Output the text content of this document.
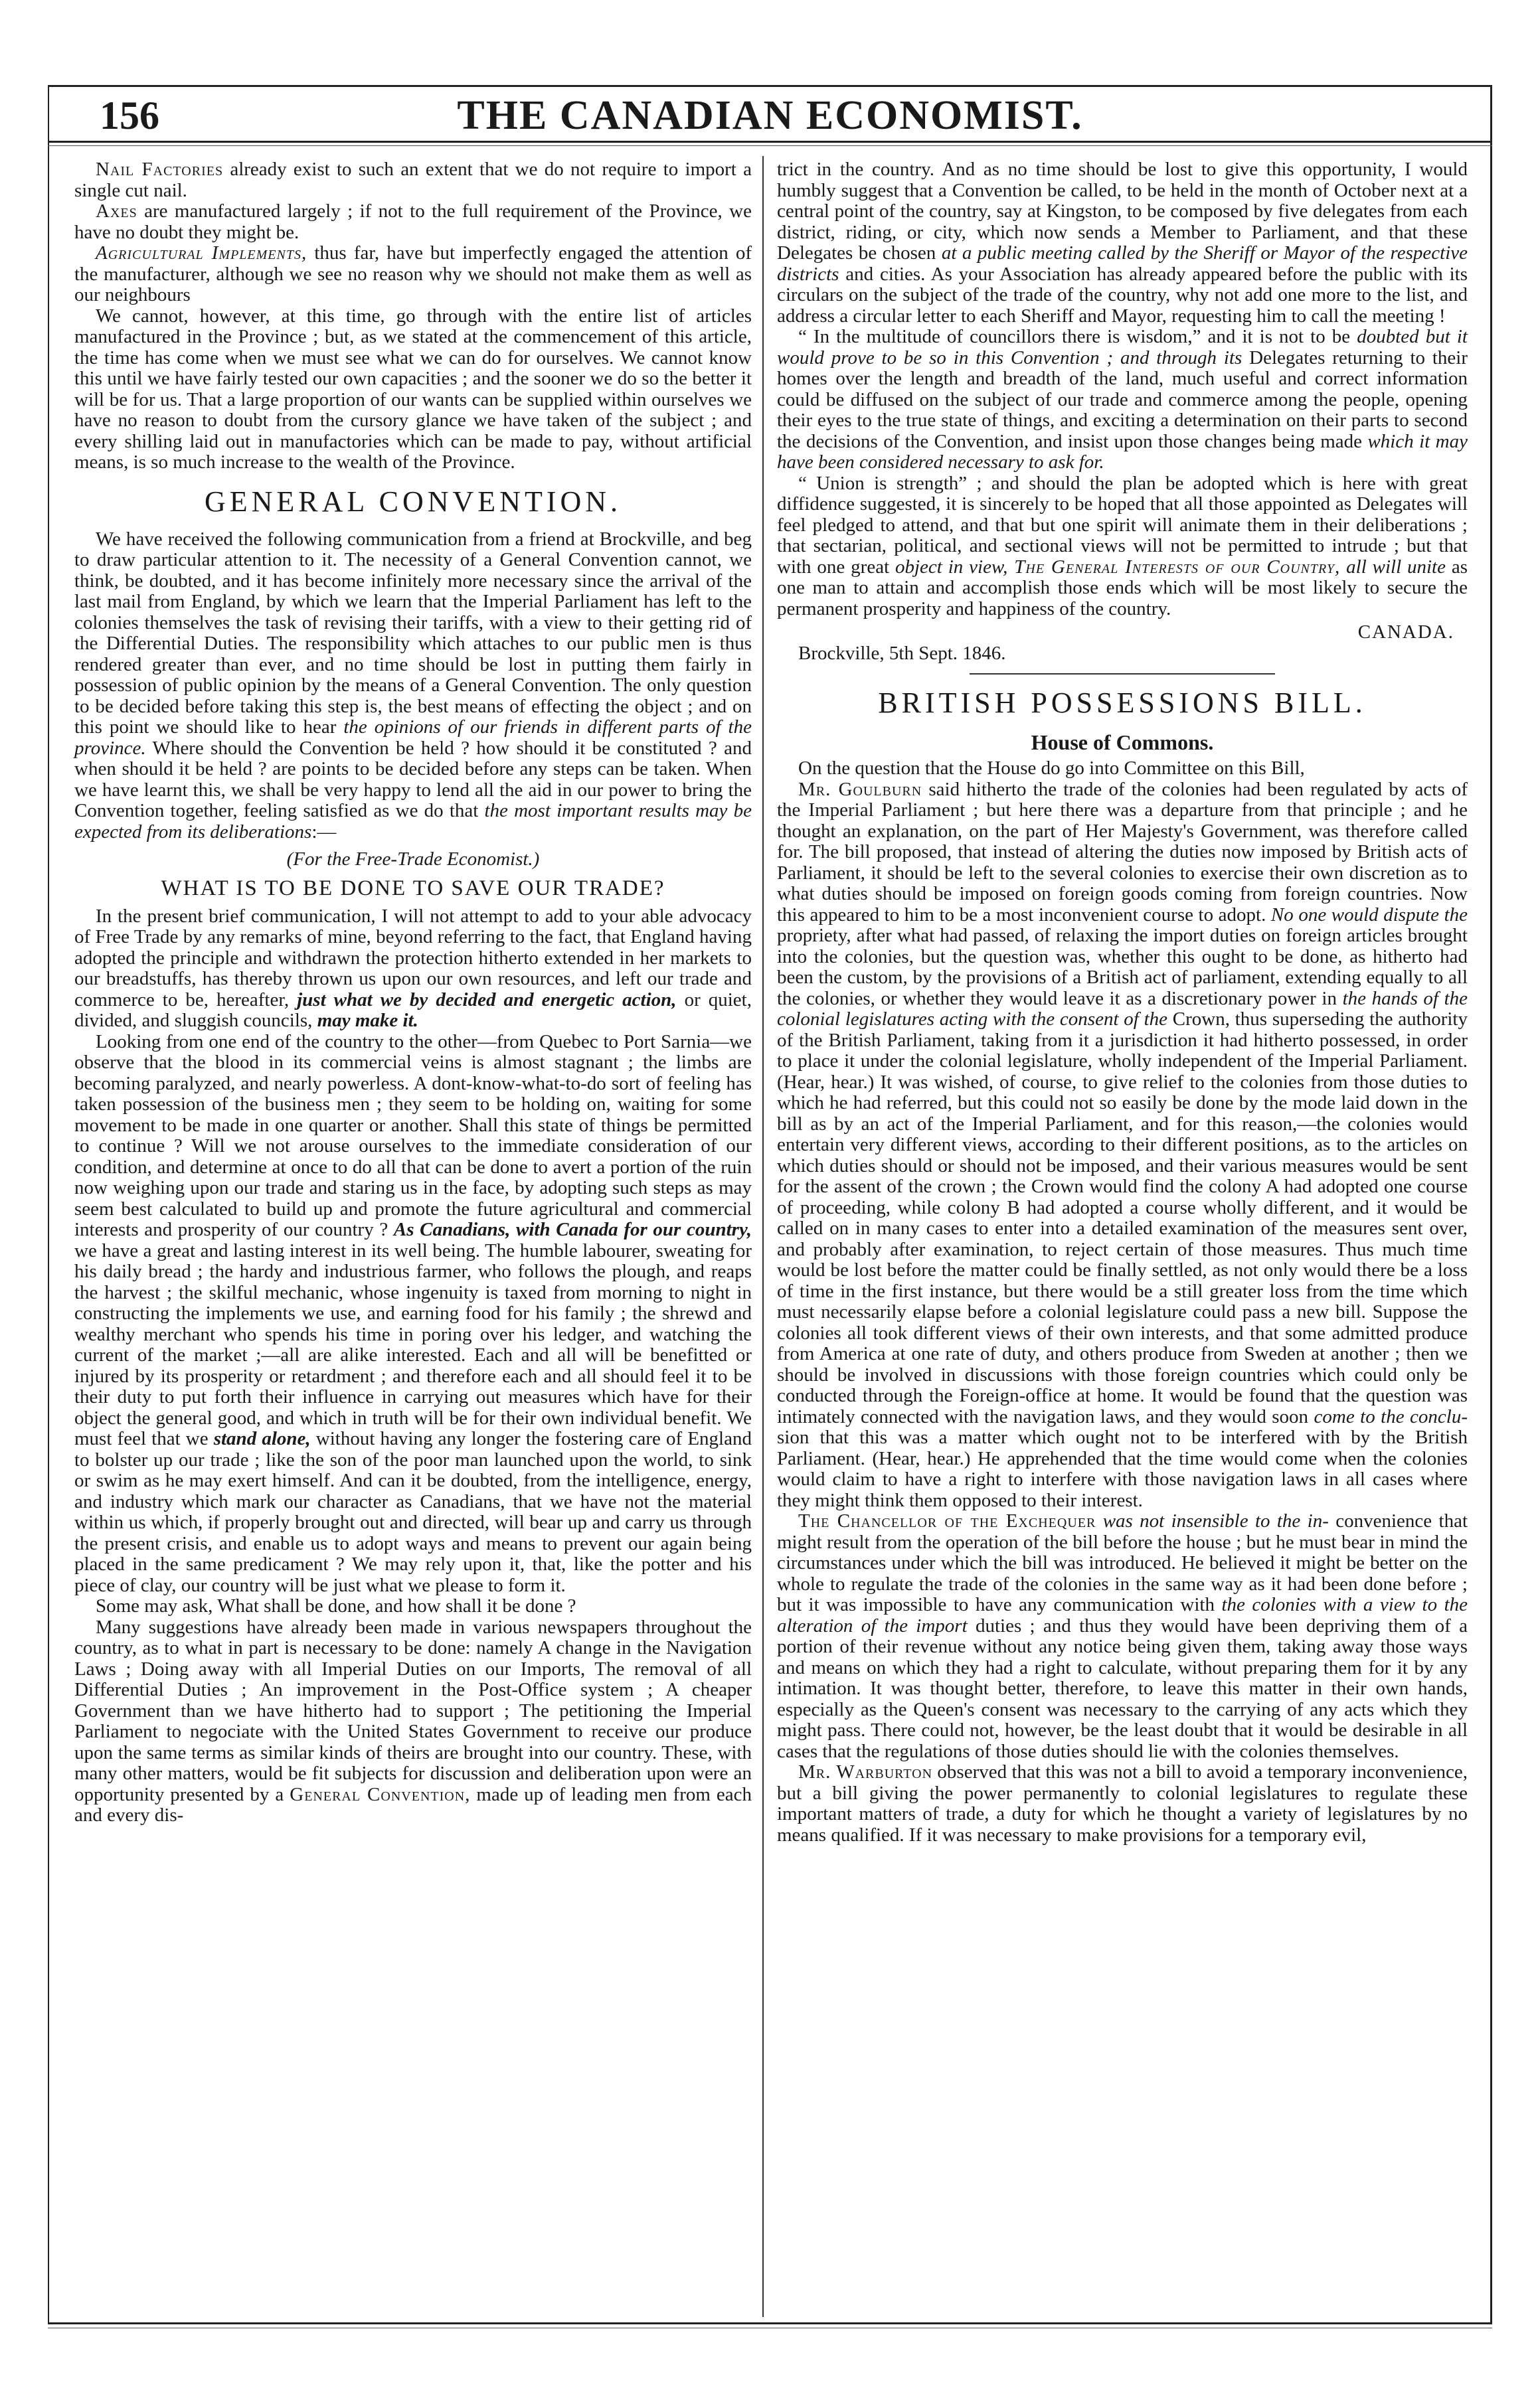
156	THE CANADIAN ECONOMIST.

Nail Factories already exist to such an extent that we do not require to import a single cut nail.

Axes are manufactured largely ; if not to the full requirement of the Province, we have no doubt they might be.

Agricultural Implements, thus far, have but imperfectly engaged the attention of the manufacturer, although we see no reason why we should not make them as well as our neighbours

We cannot, however, at this time, go through with the entire list of articles manufactured in the Province ; but, as we stated at the commencement of this article, the time has come when we must see what we can do for ourselves. We cannot know this until we have fairly tested our own capacities ; and the sooner we do so the better it will be for us. That a large proportion of our wants can be supplied within ourselves we have no reason to doubt from the cursory glance we have taken of the subject ; and every shilling laid out in manufactories which can be made to pay, without artificial means, is so much increase to the wealth of the Province.

GENERAL CONVENTION.

We have received the following communication from a friend at Brockville, and beg to draw particular attention to it. The necessity of a General Convention cannot, we think, be doubted, and it has become infinitely more necessary since the arrival of the last mail from England, by which we learn that the Imperial Parliament has left to the colonies themselves the task of revising their tariffs, with a view to their getting rid of the Differential Duties. The responsibility which attaches to our public men is thus rendered greater than ever, and no time should be lost in putting them fairly in possession of public opinion by the means of a General Convention. The only question to be decided before taking this step is, the best means of effecting the object ; and on this point we should like to hear the opinions of our friends in different parts of the province. Where should the Convention be held ? how should it be constituted ? and when should it be held ? are points to be decided before any steps can be taken. When we have learnt this, we shall be very happy to lend all the aid in our power to bring the Convention together, feeling satisfied as we do that the most important results may be expected from its deliberations:—

(For the Free-Trade Economist.)
WHAT IS TO BE DONE TO SAVE OUR TRADE?

In the present brief communication, I will not attempt to add to your able advocacy of Free Trade by any remarks of mine, beyond referring to the fact, that England having adopted the principle and withdrawn the protection hitherto extended in her markets to our breadstuffs, has thereby thrown us upon our own resources, and left our trade and commerce to be, hereafter, just what we by decided and energetic action, or quiet, divided, and sluggish councils, may make it.

Looking from one end of the country to the other—from Quebec to Port Sarnia—we observe that the blood in its commercial veins is almost stagnant ; the limbs are becoming paralyzed, and nearly powerless. A dont-know-what-to-do sort of feeling has taken possession of the business men ; they seem to be holding on, waiting for some movement to be made in one quarter or another. Shall this state of things be permitted to continue ? Will we not arouse ourselves to the immediate consideration of our condition, and determine at once to do all that can be done to avert a portion of the ruin now weighing upon our trade and staring us in the face, by adopting such steps as may seem best calculated to build up and promote the future agricultural and commercial interests and prosperity of our country ? As Canadians, with Canada for our country, we have a great and lasting interest in its well being. The humble labourer, sweating for his daily bread ; the hardy and industrious farmer, who follows the plough, and reaps the harvest ; the skilful mechanic, whose ingenuity is taxed from morning to night in constructing the implements we use, and earning food for his family ; the shrewd and wealthy merchant who spends his time in poring over his ledger, and watching the current of the market ;—all are alike interested. Each and all will be benefitted or injured by its prosperity or retardment ; and therefore each and all should feel it to be their duty to put forth their influence in carrying out measures which have for their object the general good, and which in truth will be for their own individual benefit. We must feel that we stand alone, without having any longer the fostering care of England to bolster up our trade ; like the son of the poor man launched upon the world, to sink or swim as he may exert himself. And can it be doubted, from the intelligence, energy, and industry which mark our character as Canadians, that we have not the material within us which, if properly brought out and directed, will bear up and carry us through the present crisis, and enable us to adopt ways and means to prevent our again being placed in the same predicament ? We may rely upon it, that, like the potter and his piece of clay, our country will be just what we please to form it.

Some may ask, What shall be done, and how shall it be done ?

Many suggestions have already been made in various newspapers throughout the country, as to what in part is necessary to be done: namely A change in the Navigation Laws ; Doing away with all Imperial Duties on our Imports, The removal of all Differential Duties ; An improvement in the Post-Office system ; A cheaper Government than we have hitherto had to support ; The petitioning the Imperial Parliament to negociate with the United States Government to receive our produce upon the same terms as similar kinds of theirs are brought into our country. These, with many other matters, would be fit subjects for discussion and deliberation upon were an opportunity presented by a General Convention, made up of leading men from each and every dis-

trict in the country. And as no time should be lost to give this opportunity, I would humbly suggest that a Convention be called, to be held in the month of October next at a central point of the country, say at Kingston, to be composed by five delegates from each district, riding, or city, which now sends a Member to Parliament, and that these Delegates be chosen at a public meeting called by the Sheriff or Mayor of the respective districts and cities. As your Association has already appeared before the public with its circulars on the subject of the trade of the country, why not add one more to the list, and address a circular letter to each Sheriff and Mayor, requesting him to call the meeting !

“ In the multitude of councillors there is wisdom,” and it is not to be doubted but it would prove to be so in this Convention ; and through its Delegates returning to their homes over the length and breadth of the land, much useful and correct information could be diffused on the subject of our trade and commerce among the people, opening their eyes to the true state of things, and exciting a determination on their parts to second the decisions of the Convention, and insist upon those changes being made which it may have been considered necessary to ask for.

“ Union is strength” ; and should the plan be adopted which is here with great diffidence suggested, it is sincerely to be hoped that all those appointed as Delegates will feel pledged to attend, and that but one spirit will animate them in their deliberations ; that sectarian, political, and sectional views will not be permitted to intrude ; but that with one great object in view, The General Interests of our Country, all will unite as one man to attain and accomplish those ends which will be most likely to secure the permanent prosperity and happiness of the country.

CANADA.

Brockville, 5th Sept. 1846.

BRITISH POSSESSIONS BILL.
House of Commons.

On the question that the House do go into Committee on this Bill,

Mr. Goulburn said hitherto the trade of the colonies had been regulated by acts of the Imperial Parliament ; but here there was a departure from that principle ; and he thought an explanation, on the part of Her Majesty's Government, was therefore called for. The bill proposed, that instead of altering the duties now imposed by British acts of Parliament, it should be left to the several colonies to exercise their own discretion as to what duties should be imposed on foreign goods coming from foreign countries. Now this appeared to him to be a most inconvenient course to adopt. No one would dispute the propriety, after what had passed, of relaxing the import duties on foreign articles brought into the colonies, but the question was, whether this ought to be done, as hitherto had been the custom, by the provisions of a British act of parliament, extending equally to all the colonies, or whether they would leave it as a discretionary power in the hands of the colonial legislatures acting with the consent of the Crown, thus superseding the authority of the British Parliament, taking from it a jurisdiction it had hitherto possessed, in order to place it under the colonial legislature, wholly independent of the Imperial Parliament. (Hear, hear.) It was wished, of course, to give relief to the colonies from those duties to which he had referred, but this could not so easily be done by the mode laid down in the bill as by an act of the Imperial Parliament, and for this reason,—the colonies would entertain very different views, according to their different positions, as to the articles on which duties should or should not be imposed, and their various measures would be sent for the assent of the crown ; the Crown would find the colony A had adopted one course of proceeding, while colony B had adopted a course wholly different, and it would be called on in many cases to enter into a detailed examination of the measures sent over, and probably after examination, to reject certain of those measures. Thus much time would be lost before the matter could be finally settled, as not only would there be a loss of time in the first instance, but there would be a still greater loss from the time which must necessarily elapse before a colonial legislature could pass a new bill. Suppose the colonies all took different views of their own interests, and that some admitted produce from America at one rate of duty, and others produce from Sweden at another ; then we should be involved in discussions with those foreign countries which could only be conducted through the Foreign-office at home. It would be found that the question was intimately connected with the navigation laws, and they would soon come to the conclu- sion that this was a matter which ought not to be interfered with by the British Parliament. (Hear, hear.) He apprehended that the time would come when the colonies would claim to have a right to interfere with those navigation laws in all cases where they might think them opposed to their interest.

The Chancellor of the Exchequer was not insensible to the in- convenience that might result from the operation of the bill before the house ; but he must bear in mind the circumstances under which the bill was introduced. He believed it might be better on the whole to regulate the trade of the colonies in the same way as it had been done before ; but it was impossible to have any communication with the colonies with a view to the alteration of the import duties ; and thus they would have been depriving them of a portion of their revenue without any notice being given them, taking away those ways and means on which they had a right to calculate, without preparing them for it by any intimation. It was thought better, therefore, to leave this matter in their own hands, especially as the Queen's consent was necessary to the carrying of any acts which they might pass. There could not, however, be the least doubt that it would be desirable in all cases that the regulations of those duties should lie with the colonies themselves.

Mr. Warburton observed that this was not a bill to avoid a temporary inconvenience, but a bill giving the power permanently to colonial legislatures to regulate these important matters of trade, a duty for which he thought a variety of legislatures by no means qualified. If it was necessary to make provisions for a temporary evil,
